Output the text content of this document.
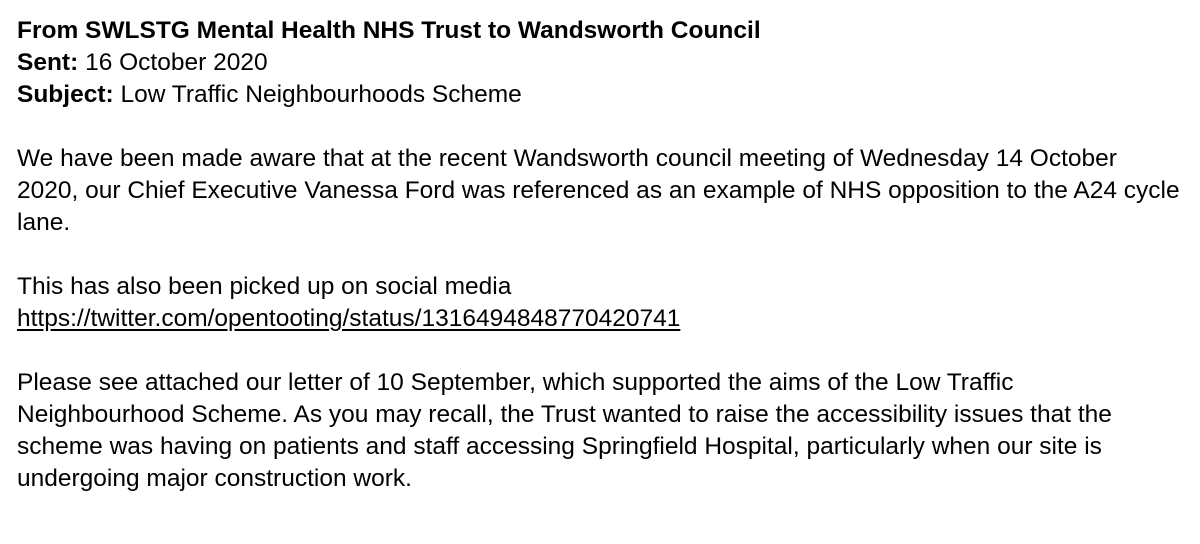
From SWLSTG Mental Health NHS Trust to Wandsworth Council
Sent: 16 October 2020
Subject: Low Traffic Neighbourhoods Scheme

We have been made aware that at the recent Wandsworth council meeting of Wednesday 14 October 2020, our Chief Executive Vanessa Ford was referenced as an example of NHS opposition to the A24 cycle lane.

This has also been picked up on social media
https://twitter.com/opentooting/status/1316494848770420741

Please see attached our letter of 10 September, which supported the aims of the Low Traffic Neighbourhood Scheme. As you may recall, the Trust wanted to raise the accessibility issues that the scheme was having on patients and staff accessing Springfield Hospital, particularly when our site is undergoing major construction work.
